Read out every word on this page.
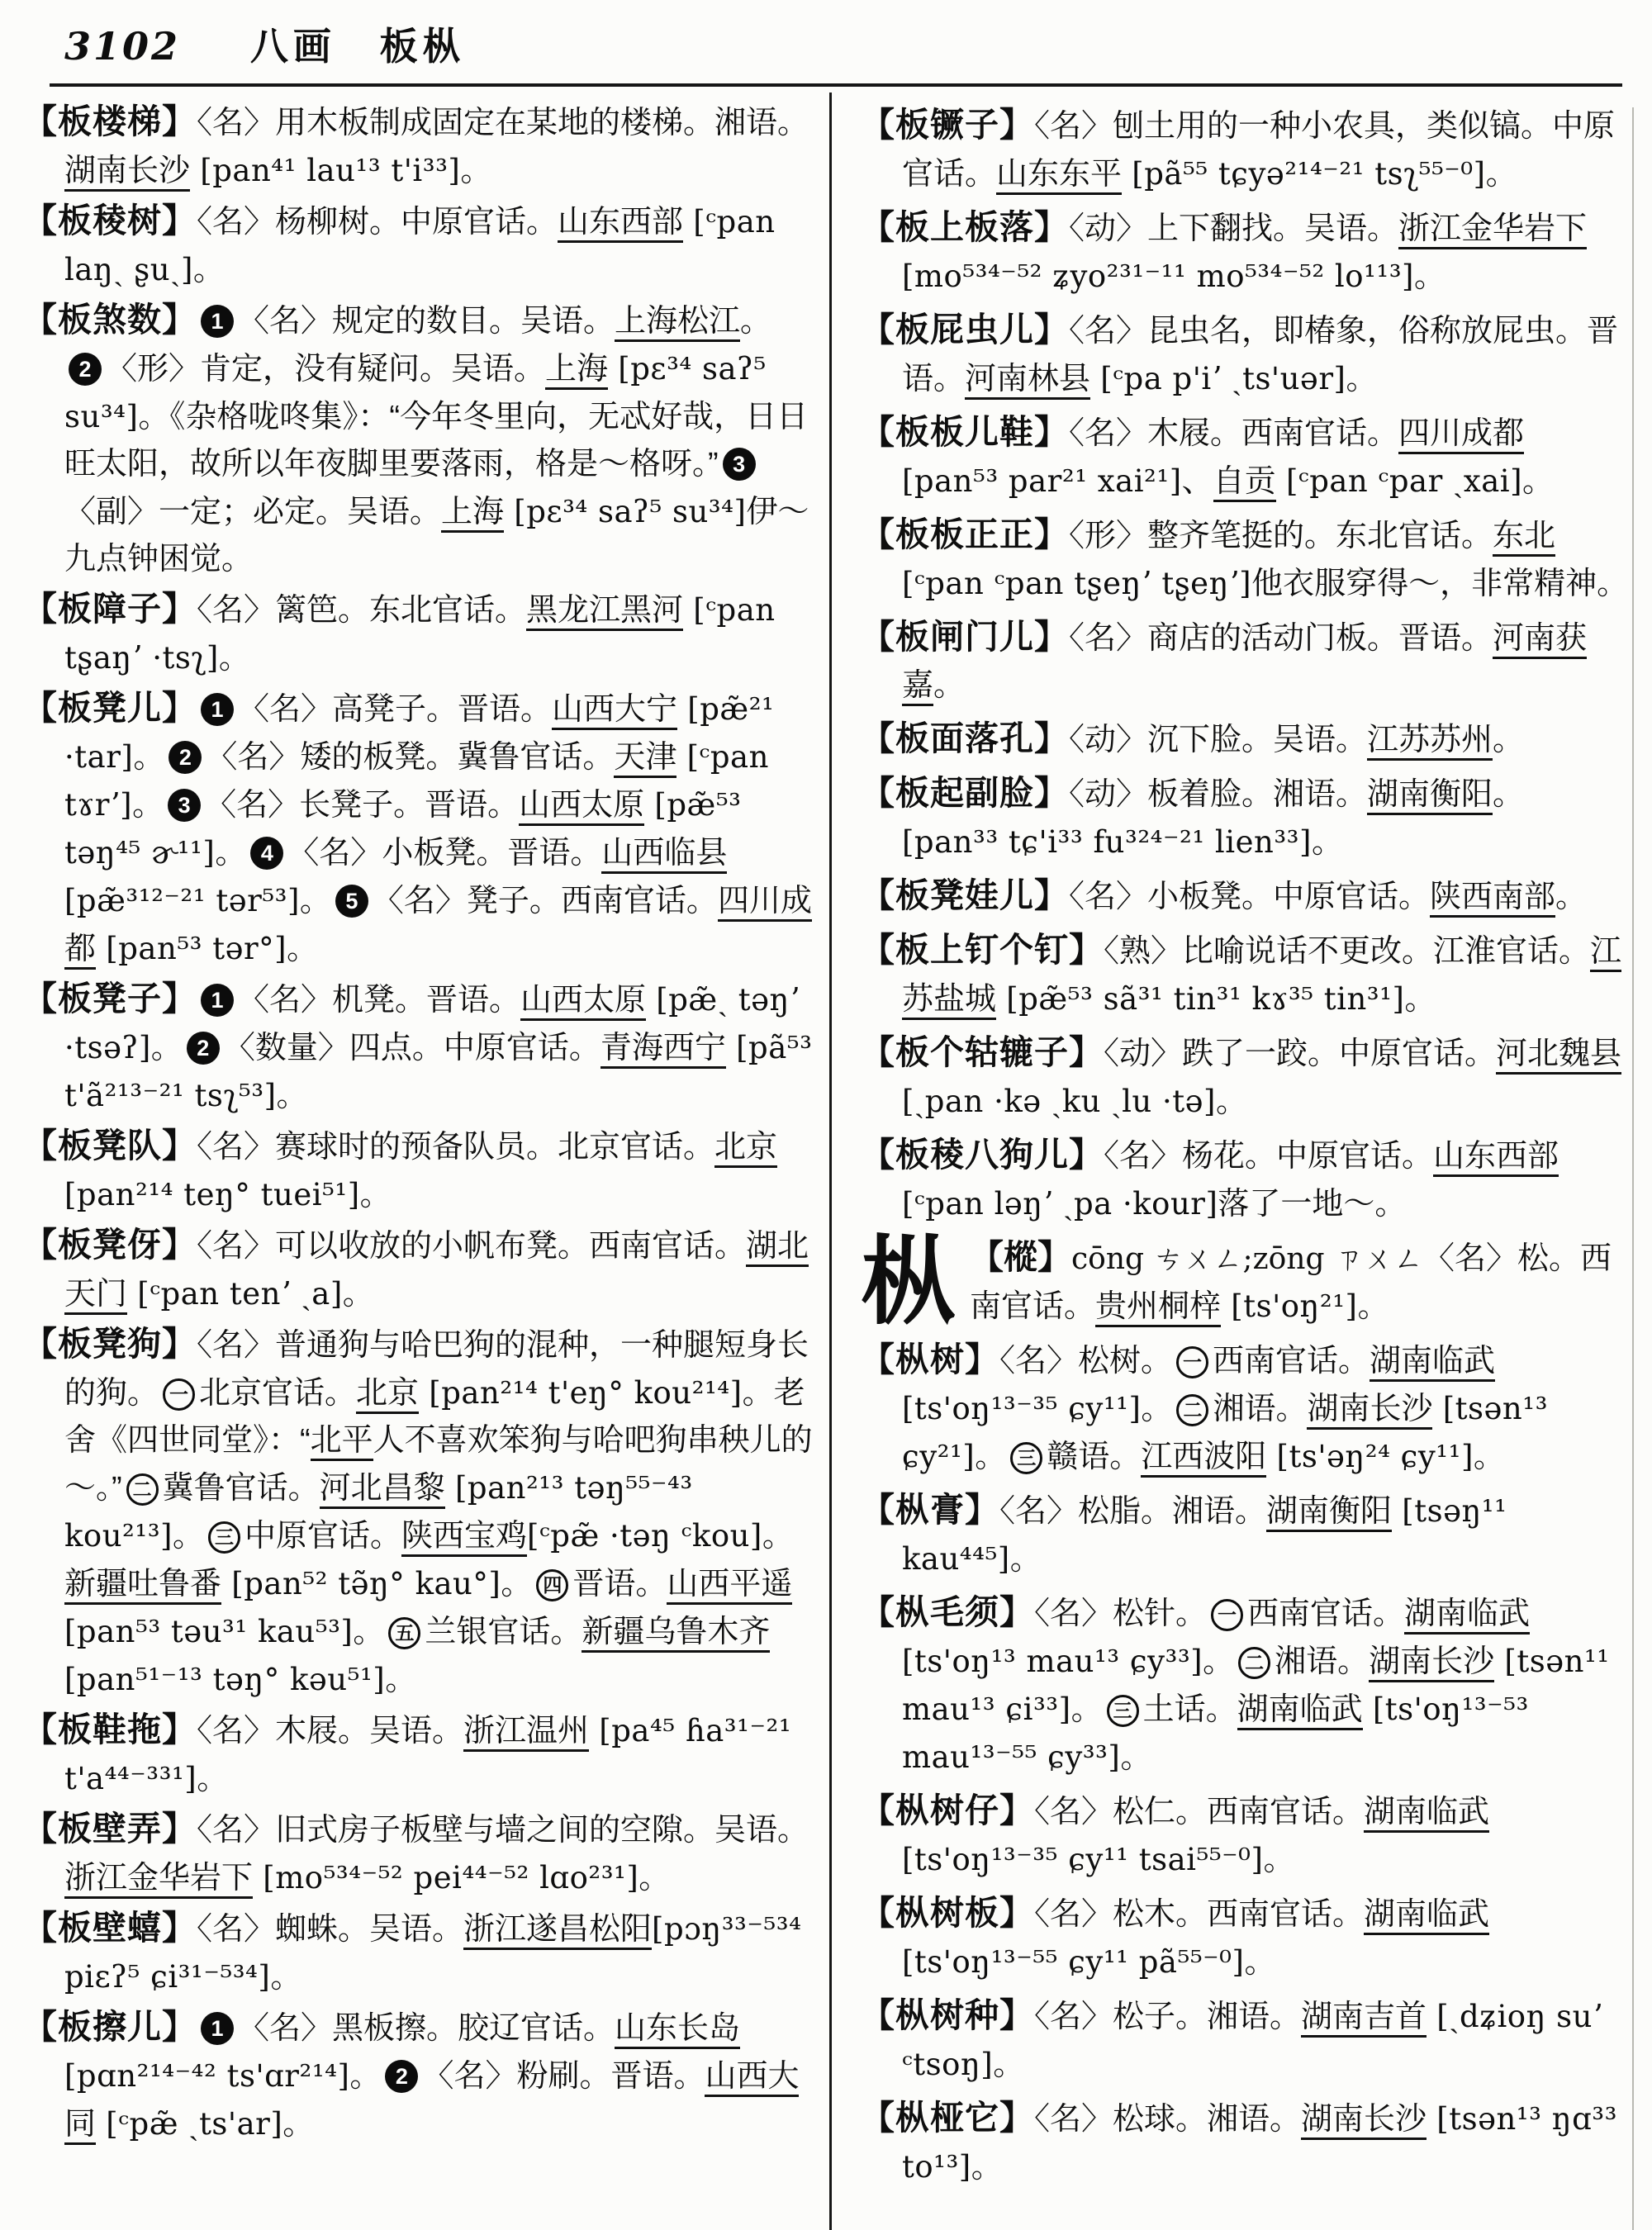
3102 八画 板枞
【板楼梯】〈名〉用木板制成固定在某地的楼梯。湘语。湖南长沙 [pan⁴¹ lau¹³ t'i³³]。
【板稜树】〈名〉杨柳树。中原官话。山东西部 [ᶜpan laŋˎ ʂuˎ]。
【板煞数】 1 〈名〉规定的数目。吴语。上海松江。2 〈形〉肯定，没有疑问。吴语。上海 [pɛ³⁴ saʔ⁵ su³⁴]。《杂格咙咚集》：“今年冬里向，无忒好哉，日日旺太阳，故所以年夜脚里要落雨，格是～格呀。” 3〈副〉一定；必定。吴语。上海 [pɛ³⁴ saʔ⁵ su³⁴]伊～九点钟困觉。
【板障子】〈名〉篱笆。东北官话。黑龙江黑河 [ᶜpan tʂaŋʼ ·tsʅ]。
【板凳儿】 1 〈名〉高凳子。晋语。山西大宁 [pæ̃²¹ ·tar]。 2 〈名〉矮的板凳。冀鲁官话。天津 [ᶜpan tɤrʼ]。 3 〈名〉长凳子。晋语。山西太原 [pæ̃⁵³ təŋ⁴⁵ ɚ¹¹]。 4 〈名〉小板凳。晋语。山西临县 [pæ̃³¹²⁻²¹ tər⁵³]。 5 〈名〉凳子。西南官话。四川成都 [pan⁵³ tər°]。
【板凳子】 1 〈名〉机凳。晋语。山西太原 [pæ̃ˎ təŋʼ ·tsəʔ]。 2 〈数量〉四点。中原官话。青海西宁 [pã⁵³ t'ã²¹³⁻²¹ tsʅ⁵³]。
【板凳队】〈名〉赛球时的预备队员。北京官话。北京 [pan²¹⁴ teŋ° tuei⁵¹]。
【板凳伢】〈名〉可以收放的小帆布凳。西南官话。湖北天门 [ᶜpan tenʼ ˏa]。
【板凳狗】〈名〉普通狗与哈巴狗的混种，一种腿短身长的狗。 一 北京官话。北京 [pan²¹⁴ t'eŋ° kou²¹⁴]。老舍《四世同堂》：“北平人不喜欢笨狗与哈吧狗串秧儿的～。” 二 冀鲁官话。河北昌黎 [pan²¹³ təŋ⁵⁵⁻⁴³ kou²¹³]。 三 中原官话。陕西宝鸡[ᶜpæ̃ ·təŋ ᶜkou]。新疆吐鲁番 [pan⁵² tə̃ŋ° kau°]。 四 晋语。山西平遥 [pan⁵³ təu³¹ kau⁵³]。 五 兰银官话。新疆乌鲁木齐 [pan⁵¹⁻¹³ təŋ° kəu⁵¹]。
【板鞋拖】〈名〉木屐。吴语。浙江温州 [pa⁴⁵ ɦa³¹⁻²¹ t'a⁴⁴⁻³³¹]。
【板壁弄】〈名〉旧式房子板壁与墙之间的空隙。吴语。浙江金华岩下 [mo⁵³⁴⁻⁵² pei⁴⁴⁻⁵² lɑo²³¹]。
【板壁蟢】〈名〉蜘蛛。吴语。浙江遂昌松阳[pɔŋ³³⁻⁵³⁴ piɛʔ⁵ ɕi³¹⁻⁵³⁴]。
【板擦儿】 1 〈名〉黑板擦。胶辽官话。山东长岛 [pɑn²¹⁴⁻⁴² ts'ɑr²¹⁴]。 2 〈名〉粉刷。晋语。山西大同 [ᶜpæ̃ ˏts'ar]。
【板镢子】〈名〉刨土用的一种小农具，类似镐。中原官话。山东东平 [pã⁵⁵ tɕyə²¹⁴⁻²¹ tsʅ⁵⁵⁻⁰]。
【板上板落】〈动〉上下翻找。吴语。浙江金华岩下 [mo⁵³⁴⁻⁵² ʑyo²³¹⁻¹¹ mo⁵³⁴⁻⁵² lo¹¹³]。
【板屁虫儿】〈名〉昆虫名，即椿象，俗称放屁虫。晋语。河南林县 [ᶜpa p'iʼ ˏts'uər]。
【板板儿鞋】〈名〉木屐。西南官话。四川成都 [pan⁵³ par²¹ xai²¹]、自贡 [ᶜpan ᶜpar ˏxai]。
【板板正正】〈形〉整齐笔挺的。东北官话。东北 [ᶜpan ᶜpan tʂeŋʼ tʂeŋʼ]他衣服穿得～，非常精神。
【板闸门儿】〈名〉商店的活动门板。晋语。河南获嘉。
【板面落孔】〈动〉沉下脸。吴语。江苏苏州。
【板起副脸】〈动〉板着脸。湘语。湖南衡阳。 [pan³³ tɕ'i³³ fu³²⁴⁻²¹ lien³³]。
【板凳娃儿】〈名〉小板凳。中原官话。陕西南部。
【板上钉个钉】〈熟〉比喻说话不更改。江淮官话。江苏盐城 [pæ̃⁵³ sã³¹ tin³¹ kɤ³⁵ tin³¹]。
【板个轱辘子】〈动〉跌了一跤。中原官话。河北魏县 [ˏpan ·kə ˏku ˏlu ·tə]。
【板稜八狗儿】〈名〉杨花。中原官话。山东西部 [ᶜpan ləŋʼ ˏpa ·kour]落了一地～。
枞 【樅】cōng ㄘㄨㄥ;zōng ㄗㄨㄥ〈名〉松。西南官话。贵州桐梓 [ts'oŋ²¹]。
【枞树】〈名〉松树。 一 西南官话。湖南临武 [ts'oŋ¹³⁻³⁵ ɕy¹¹]。 二 湘语。湖南长沙 [tsən¹³ ɕy²¹]。 三 赣语。江西波阳 [ts'əŋ²⁴ ɕy¹¹]。
【枞膏】〈名〉松脂。湘语。湖南衡阳 [tsəŋ¹¹ kau⁴⁴⁵]。
【枞毛须】〈名〉松针。 一 西南官话。湖南临武 [ts'oŋ¹³ mau¹³ ɕy³³]。 二 湘语。湖南长沙 [tsən¹¹ mau¹³ ɕi³³]。 三 土话。湖南临武 [ts'oŋ¹³⁻⁵³ mau¹³⁻⁵⁵ ɕy³³]。
【枞树仔】〈名〉松仁。西南官话。湖南临武 [ts'oŋ¹³⁻³⁵ ɕy¹¹ tsai⁵⁵⁻⁰]。
【枞树板】〈名〉松木。西南官话。湖南临武 [ts'oŋ¹³⁻⁵⁵ ɕy¹¹ pã⁵⁵⁻⁰]。
【枞树种】〈名〉松子。湘语。湖南吉首 [ˏdʑioŋ suʼ ᶜtsoŋ]。
【枞桠它】〈名〉松球。湘语。湖南长沙 [tsən¹³ ŋɑ³³ to¹³]。
